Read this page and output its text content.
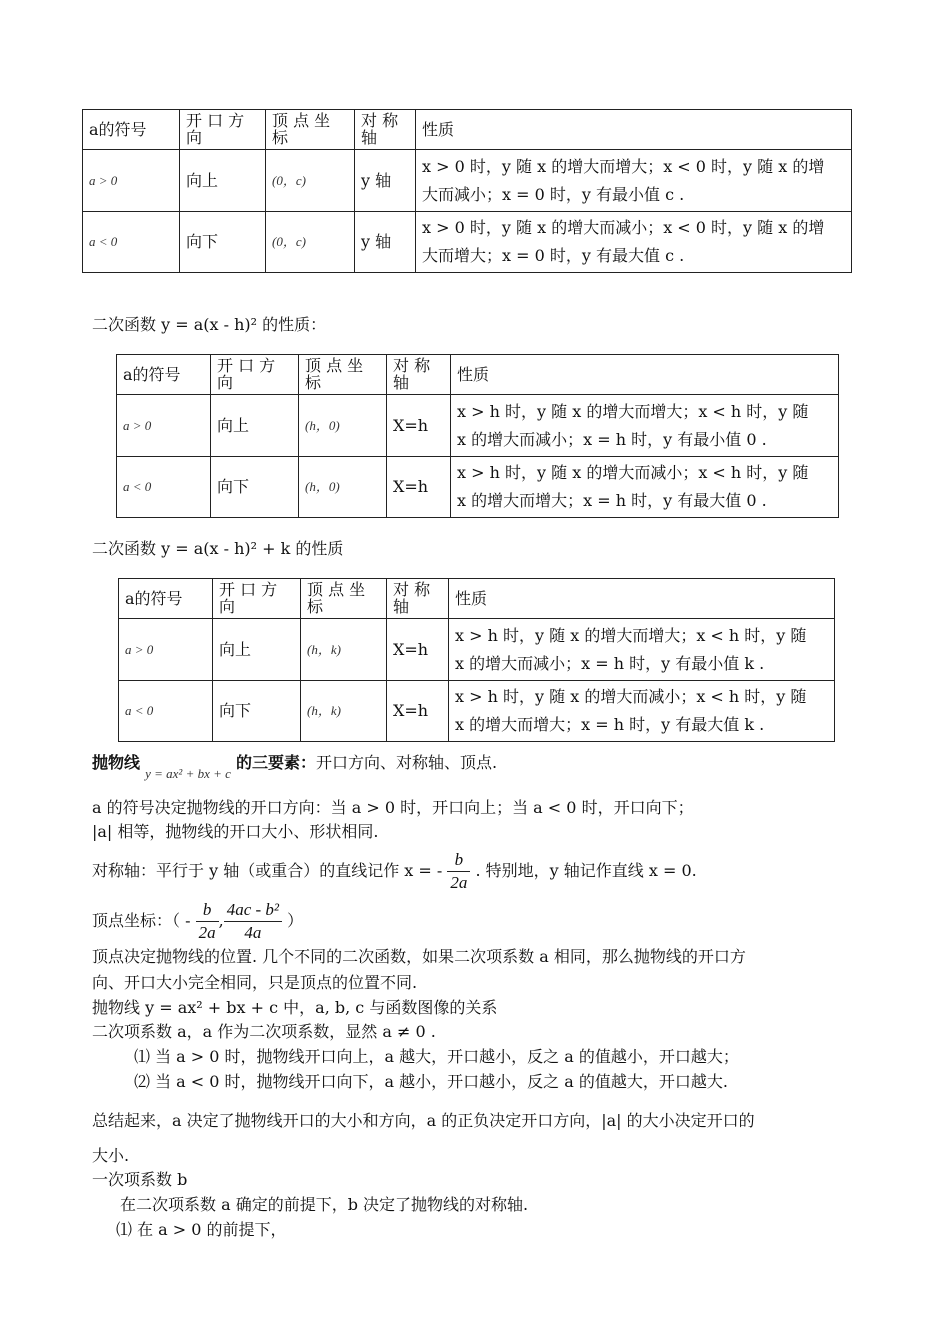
a的符号	开 口 方 向	顶 点 坐 标	对 称 轴	性质
a > 0	向上	(0，c)	y 轴	x > 0 时，y 随 x 的增大而增大；x < 0 时，y 随 x 的增
大而减小；x = 0 时，y 有最小值 c .

a < 0	向下	(0，c)	y 轴	x > 0 时，y 随 x 的增大而减小；x < 0 时，y 随 x 的增
大而增大；x = 0 时，y 有最大值 c .
二次函数 y = a(x - h)² 的性质：
a的符号	开 口 方 向	顶 点 坐 标	对 称 轴	性质
a > 0	向上	(h，0)	X=h	x > h 时，y 随 x 的增大而增大；x < h 时，y 随
x 的增大而减小；x = h 时，y 有最小值 0 .

a < 0	向下	(h，0)	X=h	x > h 时，y 随 x 的增大而减小；x < h 时，y 随
x 的增大而增大；x = h 时，y 有最大值 0 .
二次函数 y = a(x - h)² + k 的性质
a的符号	开 口 方 向	顶 点 坐 标	对 称 轴	性质
a > 0	向上	(h，k)	X=h	x > h 时，y 随 x 的增大而增大；x < h 时，y 随
x 的增大而减小；x = h 时，y 有最小值 k .

a < 0	向下	(h，k)	X=h	x > h 时，y 随 x 的增大而减小；x < h 时，y 随
x 的增大而增大；x = h 时，y 有最大值 k .
抛物线 $_{y = ax^2 + bx + c}$ 的三要素：开口方向、对称轴、顶点.
a 的符号决定抛物线的开口方向：当 a > 0 时，开口向上；当 a < 0 时，开口向下；
|a| 相等，抛物线的开口大小、形状相同.
对称轴：平行于 y 轴（或重合）的直线记作 x = - $\frac{b}{2a}$ . 特别地，y 轴记作直线 x = 0.
顶点坐标：（ - $\frac{b}{2a}$ , $\frac{\text{4ac - b²}}{4a}$ ）
顶点决定抛物线的位置. 几个不同的二次函数，如果二次项系数 a 相同，那么抛物线的开口方
向、开口大小完全相同，只是顶点的位置不同.
抛物线 y = ax² + bx + c 中，a, b, c 与函数图像的关系
二次项系数 a，a 作为二次项系数，显然 a ≠ 0 .
⑴ 当 a > 0 时，抛物线开口向上，a 越大，开口越小，反之 a 的值越小，开口越大；
⑵ 当 a < 0 时，抛物线开口向下，a 越小，开口越小，反之 a 的值越大，开口越大.
总结起来，a 决定了抛物线开口的大小和方向，a 的正负决定开口方向，|a| 的大小决定开口的
大小.
一次项系数 b
在二次项系数 a 确定的前提下，b 决定了抛物线的对称轴.
⑴ 在 a > 0 的前提下，
